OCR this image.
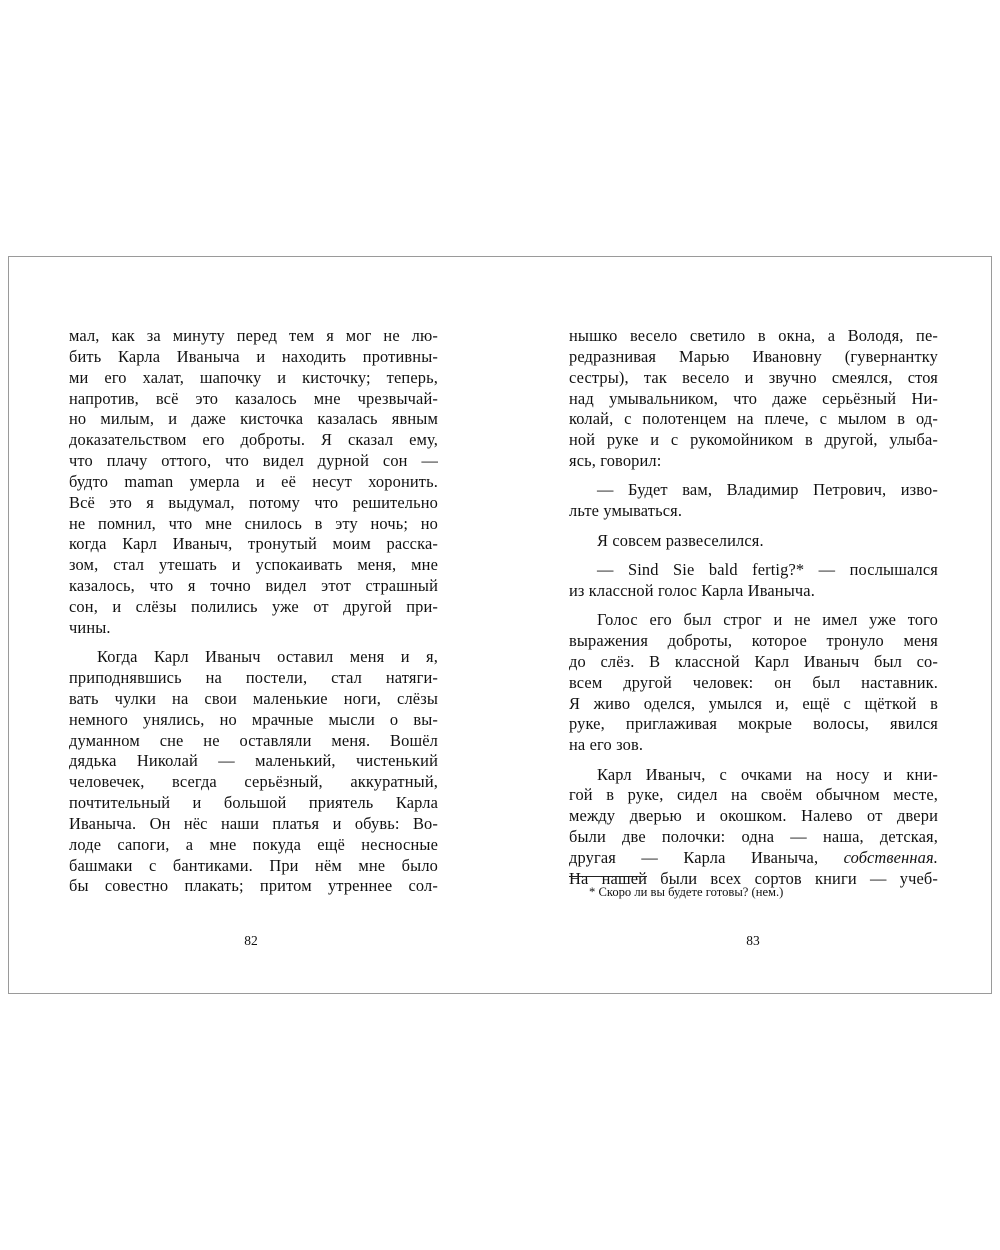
мал, как за минуту перед тем я мог не лю-
бить Карла Иваныча и находить противны-
ми его халат, шапочку и кисточку; теперь,
напротив, всё это казалось мне чрезвычай-
но милым, и даже кисточка казалась явным
доказательством его доброты. Я сказал ему,
что плачу оттого, что видел дурной сон —
будто maman умерла и её несут хоронить.
Всё это я выдумал, потому что решительно
не помнил, что мне снилось в эту ночь; но
когда Карл Иваныч, тронутый моим расска-
зом, стал утешать и успокаивать меня, мне
казалось, что я точно видел этот страшный
сон, и слёзы полились уже от другой при-
чины.
Когда Карл Иваныч оставил меня и я,
приподнявшись на постели, стал натяги-
вать чулки на свои маленькие ноги, слёзы
немного унялись, но мрачные мысли о вы-
думанном сне не оставляли меня. Вошёл
дядька Николай — маленький, чистенький
человечек, всегда серьёзный, аккуратный,
почтительный и большой приятель Карла
Иваныча. Он нёс наши платья и обувь: Во-
лоде сапоги, а мне покуда ещё несносные
башмаки с бантиками. При нём мне было
бы совестно плакать; притом утреннее сол-
82
нышко весело светило в окна, а Володя, пе-
редразнивая Марью Ивановну (гувернантку
сестры), так весело и звучно смеялся, стоя
над умывальником, что даже серьёзный Ни-
колай, с полотенцем на плече, с мылом в од-
ной руке и с рукомойником в другой, улыба-
ясь, говорил:
— Будет вам, Владимир Петрович, изво-
льте умываться.
Я совсем развеселился.
— Sind Sie bald fertig?* — послышался
из классной голос Карла Иваныча.
Голос его был строг и не имел уже того
выражения доброты, которое тронуло меня
до слёз. В классной Карл Иваныч был со-
всем другой человек: он был наставник.
Я живо оделся, умылся и, ещё с щёткой в
руке, приглаживая мокрые волосы, явился
на его зов.
Карл Иваныч, с очками на носу и кни-
гой в руке, сидел на своём обычном месте,
между дверью и окошком. Налево от двери
были две полочки: одна — наша, детская,
другая — Карла Иваныча, собственная.
На нашей были всех сортов книги — учеб-
* Скоро ли вы будете готовы? (нем.)
83
